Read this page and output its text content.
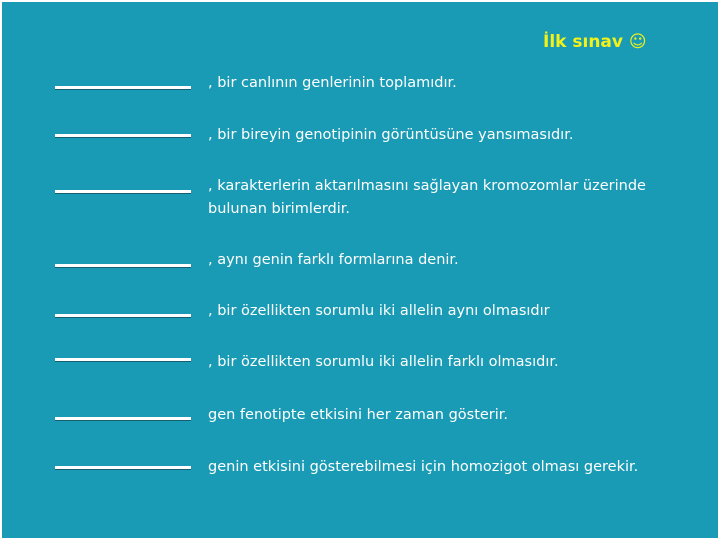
İlk sınav ☺
, bir canlının genlerinin toplamıdır.
, bir bireyin genotipinin görüntüsüne yansımasıdır.
, karakterlerin aktarılmasını sağlayan kromozomlar üzerinde bulunan birimlerdir.
, aynı genin farklı formlarına denir.
, bir özellikten sorumlu iki allelin aynı olmasıdır
, bir özellikten sorumlu iki allelin farklı olmasıdır.
gen fenotipte etkisini her zaman gösterir.
genin etkisini gösterebilmesi için homozigot olması gerekir.
